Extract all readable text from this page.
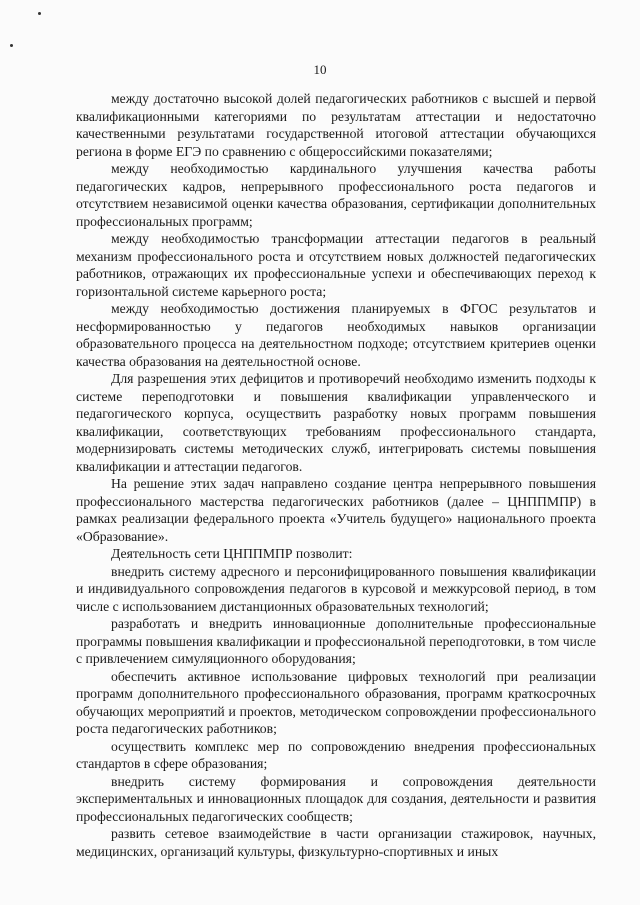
10

между достаточно высокой долей педагогических работников с высшей и первой квалификационными категориями по результатам аттестации и недостаточно качественными результатами государственной итоговой аттестации обучающихся региона в форме ЕГЭ по сравнению с общероссийскими показателями;

между необходимостью кардинального улучшения качества работы педагогических кадров, непрерывного профессионального роста педагогов и отсутствием независимой оценки качества образования, сертификации дополнительных профессиональных программ;

между необходимостью трансформации аттестации педагогов в реальный механизм профессионального роста и отсутствием новых должностей педагогических работников, отражающих их профессиональные успехи и обеспечивающих переход к горизонтальной системе карьерного роста;

между необходимостью достижения планируемых в ФГОС результатов и несформированностью у педагогов необходимых навыков организации образовательного процесса на деятельностном подходе; отсутствием критериев оценки качества образования на деятельностной основе.

Для разрешения этих дефицитов и противоречий необходимо изменить подходы к системе переподготовки и повышения квалификации управленческого и педагогического корпуса, осуществить разработку новых программ повышения квалификации, соответствующих требованиям профессионального стандарта, модернизировать системы методических служб, интегрировать системы повышения квалификации и аттестации педагогов.

На решение этих задач направлено создание центра непрерывного повышения профессионального мастерства педагогических работников (далее – ЦНППМПР) в рамках реализации федерального проекта «Учитель будущего» национального проекта «Образование».

Деятельность сети ЦНППМПР позволит:

внедрить систему адресного и персонифицированного повышения квалификации и индивидуального сопровождения педагогов в курсовой и межкурсовой период, в том числе с использованием дистанционных образовательных технологий;

разработать и внедрить инновационные дополнительные профессиональные программы повышения квалификации и профессиональной переподготовки, в том числе с привлечением симуляционного оборудования;

обеспечить активное использование цифровых технологий при реализации программ дополнительного профессионального образования, программ краткосрочных обучающих мероприятий и проектов, методическом сопровождении профессионального роста педагогических работников;

осуществить комплекс мер по сопровождению внедрения профессиональных стандартов в сфере образования;

внедрить систему формирования и сопровождения деятельности экспериментальных и инновационных площадок для создания, деятельности и развития профессиональных педагогических сообществ;

развить сетевое взаимодействие в части организации стажировок, научных, медицинских, организаций культуры, физкультурно-спортивных и иных
